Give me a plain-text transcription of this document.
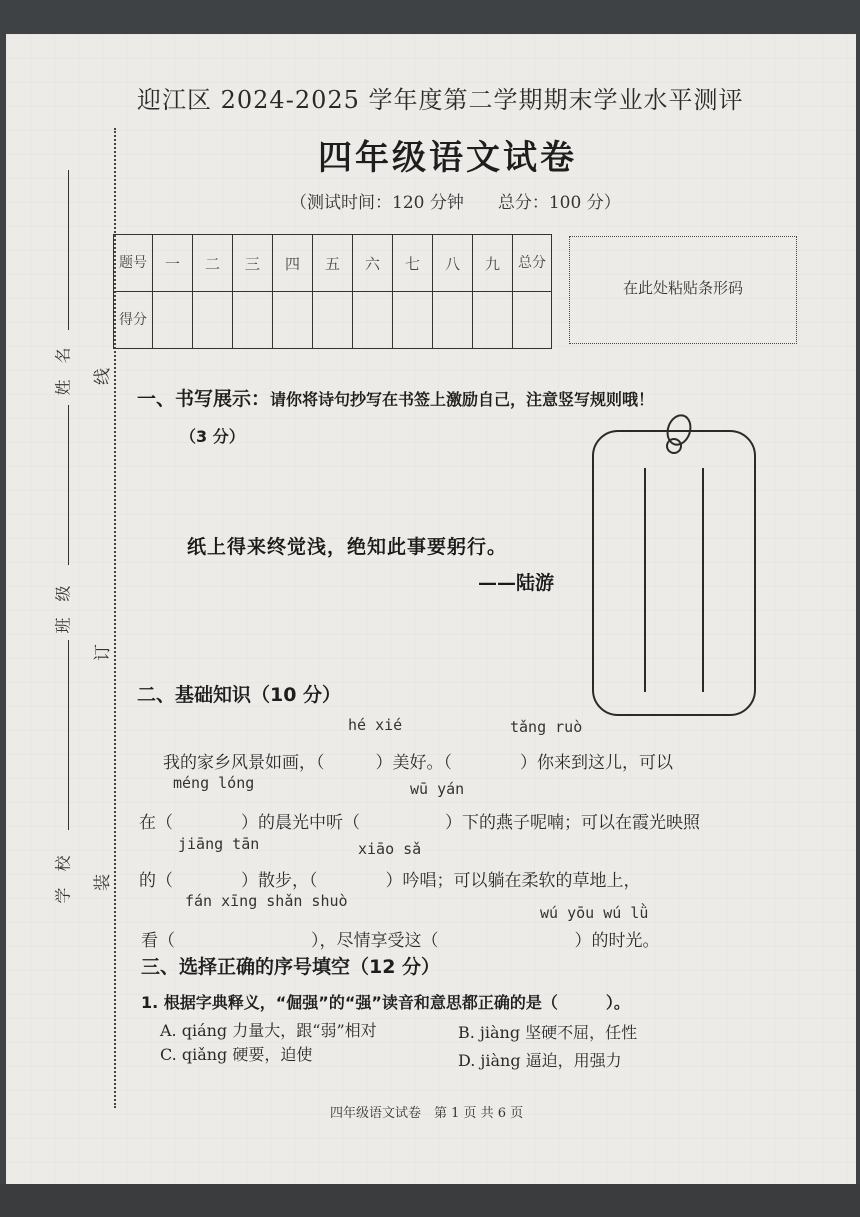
线
订
装
姓　名
班　级
学　校
迎江区 2024-2025 学年度第二学期期末学业水平测评
四年级语文试卷
（测试时间：120 分钟　　总分：100 分）
题号	一	二	三	四	五	六	七	八	九	总分
得分										
在此处粘贴条形码
一、书写展示：请你将诗句抄写在书签上激励自己，注意竖写规则哦！
（3 分）
纸上得来终觉浅，绝知此事要躬行。
——陆游
二、基础知识（10 分）
hé xié	tǎng ruò
我的家乡风景如画，（　　　）美好。（　　　　）你来到这儿，可以
méng lóng	wū yán
在（　　　　）的晨光中听（　　　　　）下的燕子呢喃；可以在霞光映照
jiāng tān	xiāo sǎ
的（　　　　）散步，（　　　　）吟唱；可以躺在柔软的草地上，
fán xīng shǎn shuò
wú yōu wú lǜ
看（　　　　　　　　），尽情享受这（　　　　　　　　）的时光。
三、选择正确的序号填空（12 分）
1. 根据字典释义，“倔强”的“强”读音和意思都正确的是（　　　）。
A. qiáng 力量大，跟“弱”相对	B. jiàng 坚硬不屈，任性
C. qiǎng 硬要，迫使	D. jiàng 逼迫，用强力
四年级语文试卷　第 1 页 共 6 页
